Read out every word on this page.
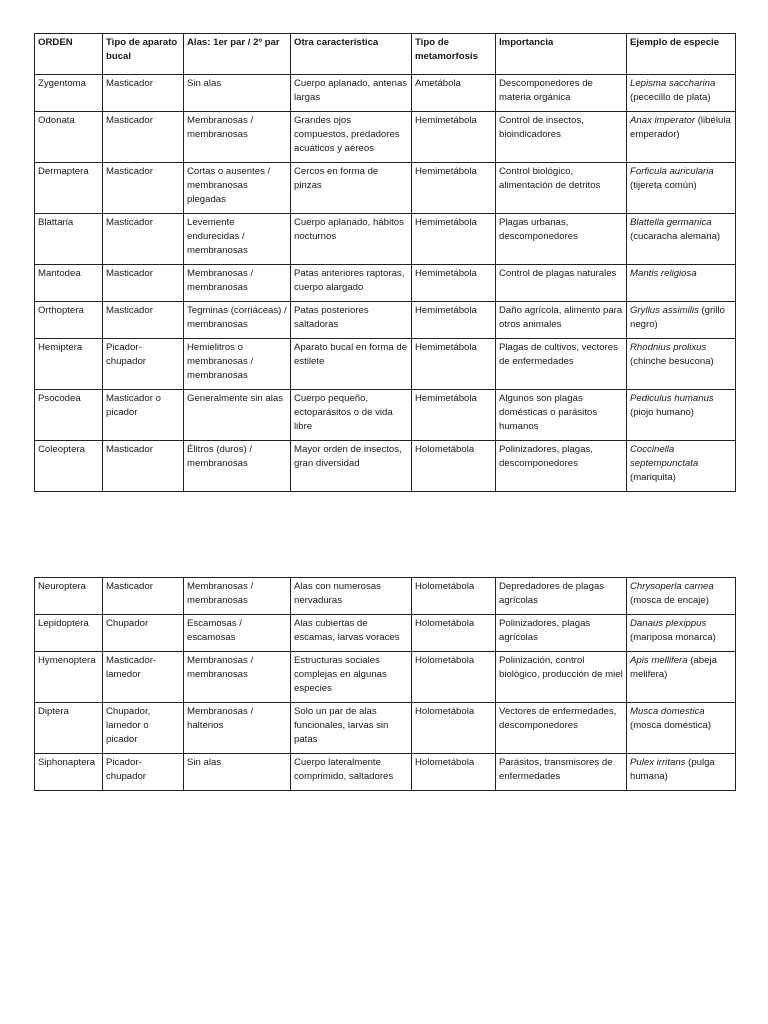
ORDEN	Tipo de aparato bucal	Alas: 1er par / 2º par	Otra característica	Tipo de metamorfosis	Importancia	Ejemplo de especie
Zygentoma	Masticador	Sin alas	Cuerpo aplanado, antenas largas	Ametábola	Descomponedores de materia orgánica	Lepisma saccharina (pececillo de plata)
Odonata	Masticador	Membranosas / membranosas	Grandes ojos compuestos, predadores acuáticos y aéreos	Hemimetábola	Control de insectos, bioindicadores	Anax imperator (libélula emperador)
Dermaptera	Masticador	Cortas o ausentes / membranosas plegadas	Cercos en forma de pinzas	Hemimetábola	Control biológico, alimentación de detritos	Forficula auricularia (tijereta común)
Blattaria	Masticador	Levemente endurecidas / membranosas	Cuerpo aplanado, hábitos nocturnos	Hemimetábola	Plagas urbanas, descomponedores	Blattella germanica (cucaracha alemana)
Mantodea	Masticador	Membranosas / membranosas	Patas anteriores raptoras, cuerpo alargado	Hemimetábola	Control de plagas naturales	Mantis religiosa
Orthoptera	Masticador	Tegminas (corriáceas) / membranosas	Patas posteriores saltadoras	Hemimetábola	Daño agrícola, alimento para otros animales	Gryllus assimilis (grillo negro)
Hemiptera	Picador-chupador	Hemielitros o membranosas / membranosas	Aparato bucal en forma de estilete	Hemimetábola	Plagas de cultivos, vectores de enfermedades	Rhodnius prolixus (chinche besucona)
Psocodea	Masticador o picador	Generalmente sin alas	Cuerpo pequeño, ectoparásitos o de vida libre	Hemimetábola	Algunos son plagas domésticas o parásitos humanos	Pediculus humanus (piojo humano)
Coleoptera	Masticador	Élitros (duros) / membranosas	Mayor orden de insectos, gran diversidad	Holometábola	Polinizadores, plagas, descomponedores	Coccinella septempunctata (mariquita)
Neuroptera	Masticador	Membranosas / membranosas	Alas con numerosas nervaduras	Holometábola	Depredadores de plagas agrícolas	Chrysoperla carnea (mosca de encaje)
Lepidoptera	Chupador	Escamosas / escamosas	Alas cubiertas de escamas, larvas voraces	Holometábola	Polinizadores, plagas agrícolas	Danaus plexippus (mariposa monarca)
Hymenoptera	Masticador-lamedor	Membranosas / membranosas	Estructuras sociales complejas en algunas especies	Holometábola	Polinización, control biológico, producción de miel	Apis mellifera (abeja melifera)
Diptera	Chupador, lamedor o picador	Membranosas / halterios	Solo un par de alas funcionales, larvas sin patas	Holometábola	Vectores de enfermedades, descomponedores	Musca domestica (mosca doméstica)
Siphonaptera	Picador-chupador	Sin alas	Cuerpo lateralmente comprimido, saltadores	Holometábola	Parásitos, transmisores de enfermedades	Pulex irritans (pulga humana)
